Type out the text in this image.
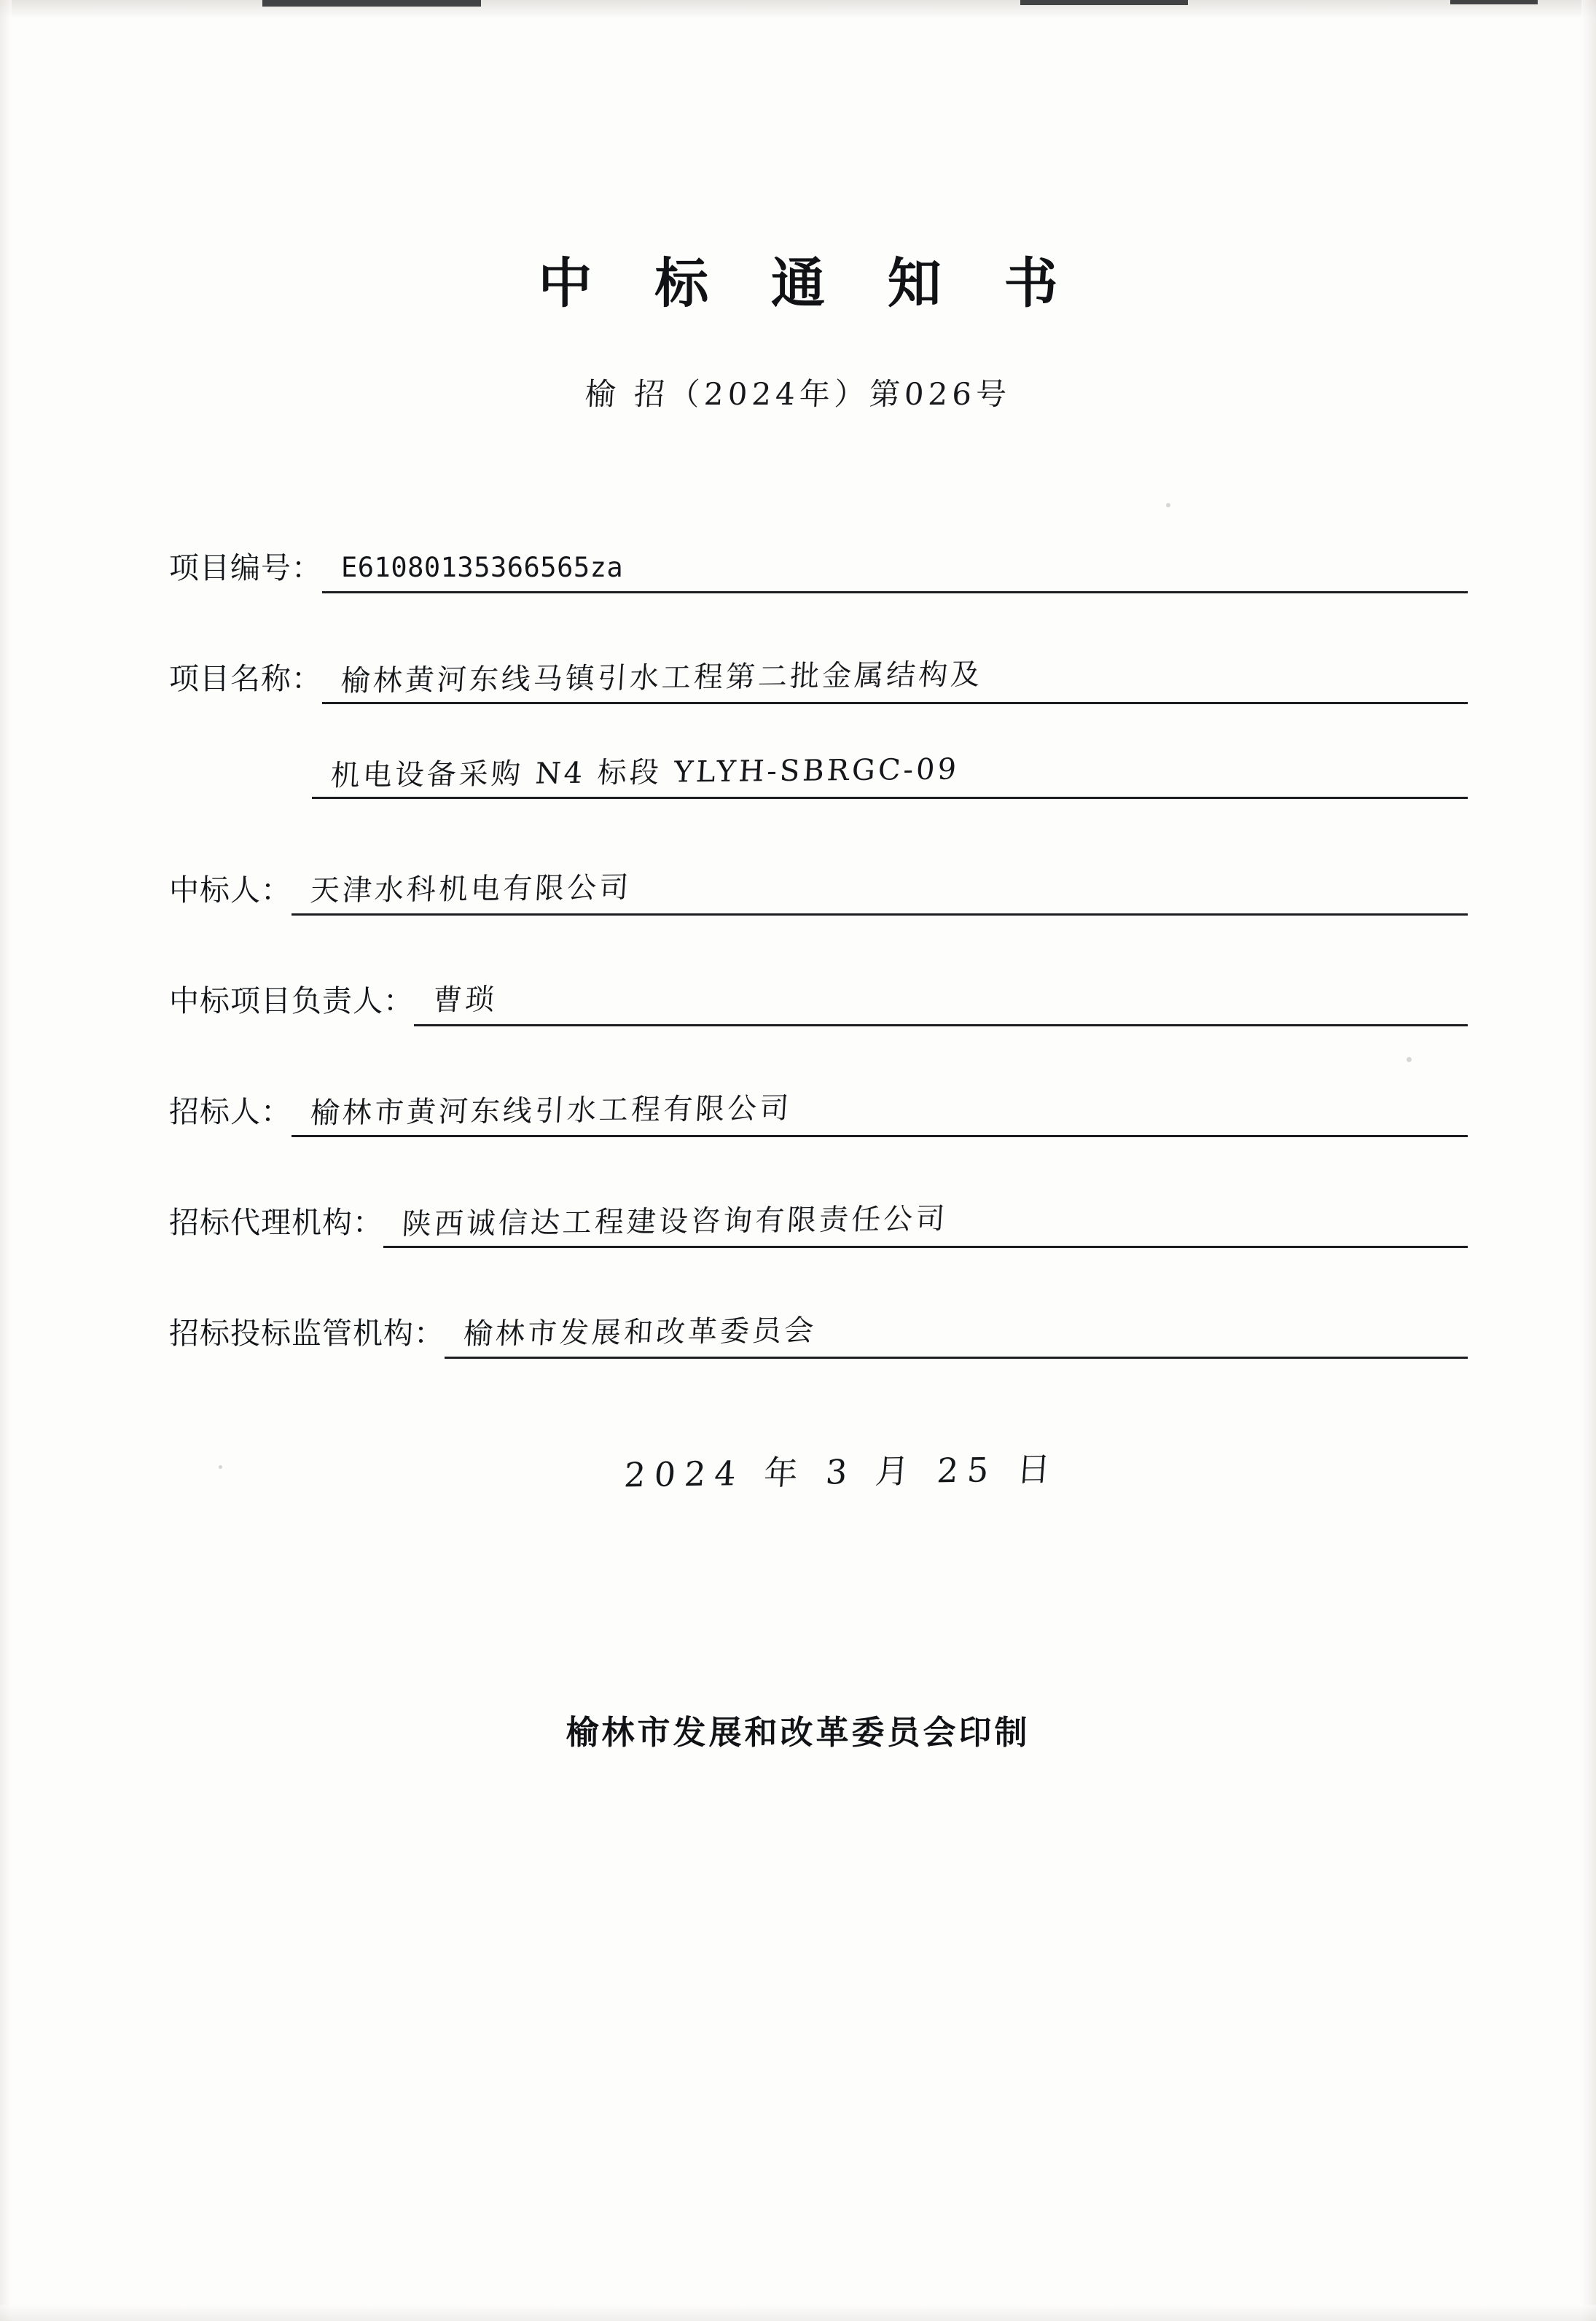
中 标 通 知 书
榆 招（2024年）第026号
项目编号： E61080135366565za
项目名称： 榆林黄河东线马镇引水工程第二批金属结构及
机电设备采购 N4 标段 YLYH-SBRGC-09
中标人： 天津水科机电有限公司
中标项目负责人： 曹琐
招标人： 榆林市黄河东线引水工程有限公司
招标代理机构： 陕西诚信达工程建设咨询有限责任公司
招标投标监管机构： 榆林市发展和改革委员会
2024 年 3 月 25 日
榆林市发展和改革委员会印制
